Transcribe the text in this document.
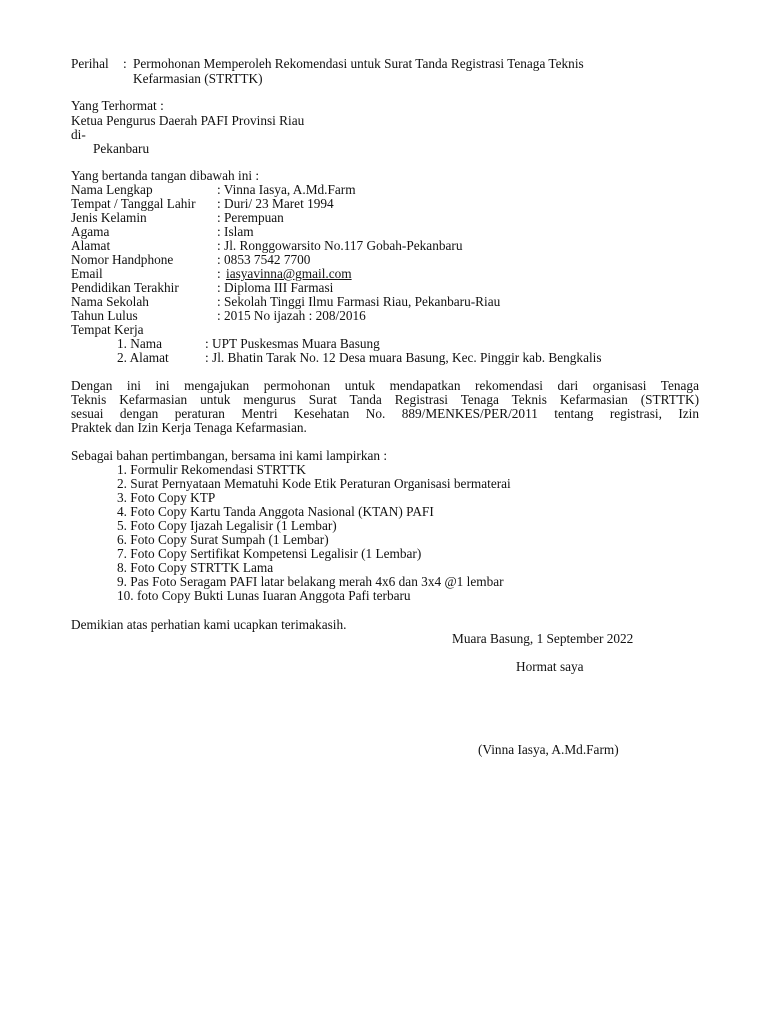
Perihal : Permohonan Memperoleh Rekomendasi untuk Surat Tanda Registrasi Tenaga Teknis
Kefarmasian (STRTTK)
Yang Terhormat :
Ketua Pengurus Daerah PAFI Provinsi Riau
di-
Pekanbaru
Yang bertanda tangan dibawah ini :
Nama Lengkap	: Vinna Iasya, A.Md.Farm
Tempat / Tanggal Lahir : Duri/ 23 Maret 1994
Jenis Kelamin	: Perempuan
Agama	: Islam
Alamat	: Jl. Ronggowarsito No.117 Gobah-Pekanbaru
Nomor Handphone	: 0853 7542 7700
Email	: iasyavinna@gmail.com
Pendidikan Terakhir	: Diploma III Farmasi
Nama Sekolah	: Sekolah Tinggi Ilmu Farmasi Riau, Pekanbaru-Riau
Tahun Lulus	: 2015 No ijazah : 208/2016
Tempat Kerja
1. Nama	: UPT Puskesmas Muara Basung
2. Alamat	: Jl. Bhatin Tarak No. 12 Desa muara Basung, Kec. Pinggir kab. Bengkalis
Dengan ini ini mengajukan permohonan untuk mendapatkan rekomendasi dari organisasi Tenaga
Teknis Kefarmasian untuk mengurus Surat Tanda Registrasi Tenaga Teknis Kefarmasian (STRTTK)
sesuai dengan peraturan Mentri Kesehatan No. 889/MENKES/PER/2011 tentang registrasi, Izin
Praktek dan Izin Kerja Tenaga Kefarmasian.
Sebagai bahan pertimbangan, bersama ini kami lampirkan :
1. Formulir Rekomendasi STRTTK
2. Surat Pernyataan Mematuhi Kode Etik Peraturan Organisasi bermaterai
3. Foto Copy KTP
4. Foto Copy Kartu Tanda Anggota Nasional (KTAN) PAFI
5. Foto Copy Ijazah Legalisir (1 Lembar)
6. Foto Copy Surat Sumpah (1 Lembar)
7. Foto Copy Sertifikat Kompetensi Legalisir (1 Lembar)
8. Foto Copy STRTTK Lama
9. Pas Foto Seragam PAFI latar belakang merah 4x6 dan 3x4 @1 lembar
10. foto Copy Bukti Lunas Iuaran Anggota Pafi terbaru
Demikian atas perhatian kami ucapkan terimakasih.
Muara Basung, 1 September 2022
Hormat saya
(Vinna Iasya, A.Md.Farm)
